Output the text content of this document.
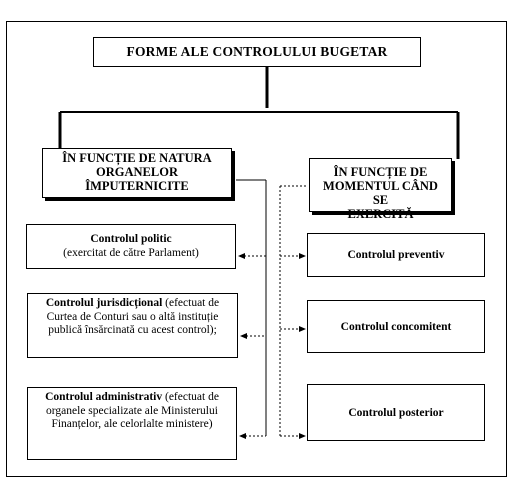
FORME ALE CONTROLULUI BUGETAR
ÎN FUNCȚIE DE NATURA
ORGANELOR
ÎMPUTERNICITE
ÎN FUNCȚIE DE
MOMENTUL CÂND SE
EXERCITĂ
Controlul politic
(exercitat de către Parlament)
Controlul jurisdicțional (efectuat de Curtea de Conturi sau o altă instituție publică însărcinată cu acest control);
Controlul administrativ (efectuat de organele specializate ale Ministerului Finanțelor, ale celorlalte ministere)
Controlul preventiv
Controlul concomitent
Controlul posterior
